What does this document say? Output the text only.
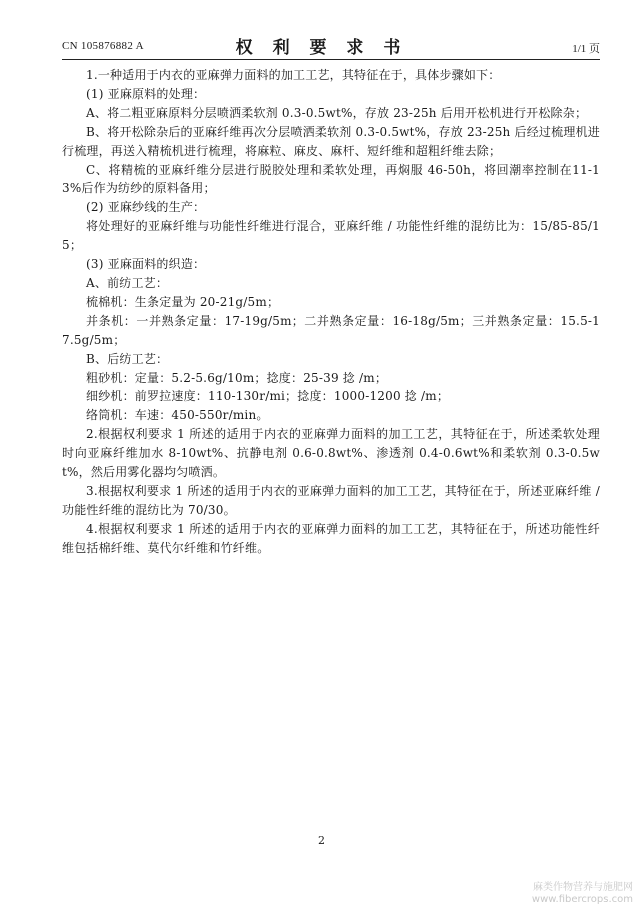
CN 105876882 A	权 利 要 求 书	1/1 页

1.一种适用于内衣的亚麻弹力面料的加工工艺，其特征在于，具体步骤如下：

(1) 亚麻原料的处理：

A、将二粗亚麻原料分层喷洒柔软剂 0.3-0.5wt%，存放 23-25h 后用开松机进行开松除杂；

B、将开松除杂后的亚麻纤维再次分层喷洒柔软剂 0.3-0.5wt%，存放 23-25h 后经过梳理机进行梳理，再送入精梳机进行梳理，将麻粒、麻皮、麻杆、短纤维和超粗纤维去除；

C、将精梳的亚麻纤维分层进行脱胶处理和柔软处理，再焖服 46-50h，将回潮率控制在11-13%后作为纺纱的原料备用；

(2) 亚麻纱线的生产：

将处理好的亚麻纤维与功能性纤维进行混合，亚麻纤维 / 功能性纤维的混纺比为：15/85-85/15；

(3) 亚麻面料的织造：

A、前纺工艺：

梳棉机：生条定量为 20-21g/5m；

并条机：一并熟条定量：17-19g/5m；二并熟条定量：16-18g/5m；三并熟条定量：15.5-17.5g/5m；

B、后纺工艺：

粗砂机：定量：5.2-5.6g/10m；捻度：25-39 捻 /m；

细纱机：前罗拉速度：110-130r/mi；捻度：1000-1200 捻 /m；

络筒机：车速：450-550r/min。

2.根据权利要求 1 所述的适用于内衣的亚麻弹力面料的加工工艺，其特征在于，所述柔软处理时向亚麻纤维加水 8-10wt%、抗静电剂 0.6-0.8wt%、渗透剂 0.4-0.6wt%和柔软剂 0.3-0.5wt%，然后用雾化器均匀喷洒。

3.根据权利要求 1 所述的适用于内衣的亚麻弹力面料的加工工艺，其特征在于，所述亚麻纤维 / 功能性纤维的混纺比为 70/30。

4.根据权利要求 1 所述的适用于内衣的亚麻弹力面料的加工工艺，其特征在于，所述功能性纤维包括棉纤维、莫代尔纤维和竹纤维。

2
麻类作物营养与施肥网
www.fibercrops.com
